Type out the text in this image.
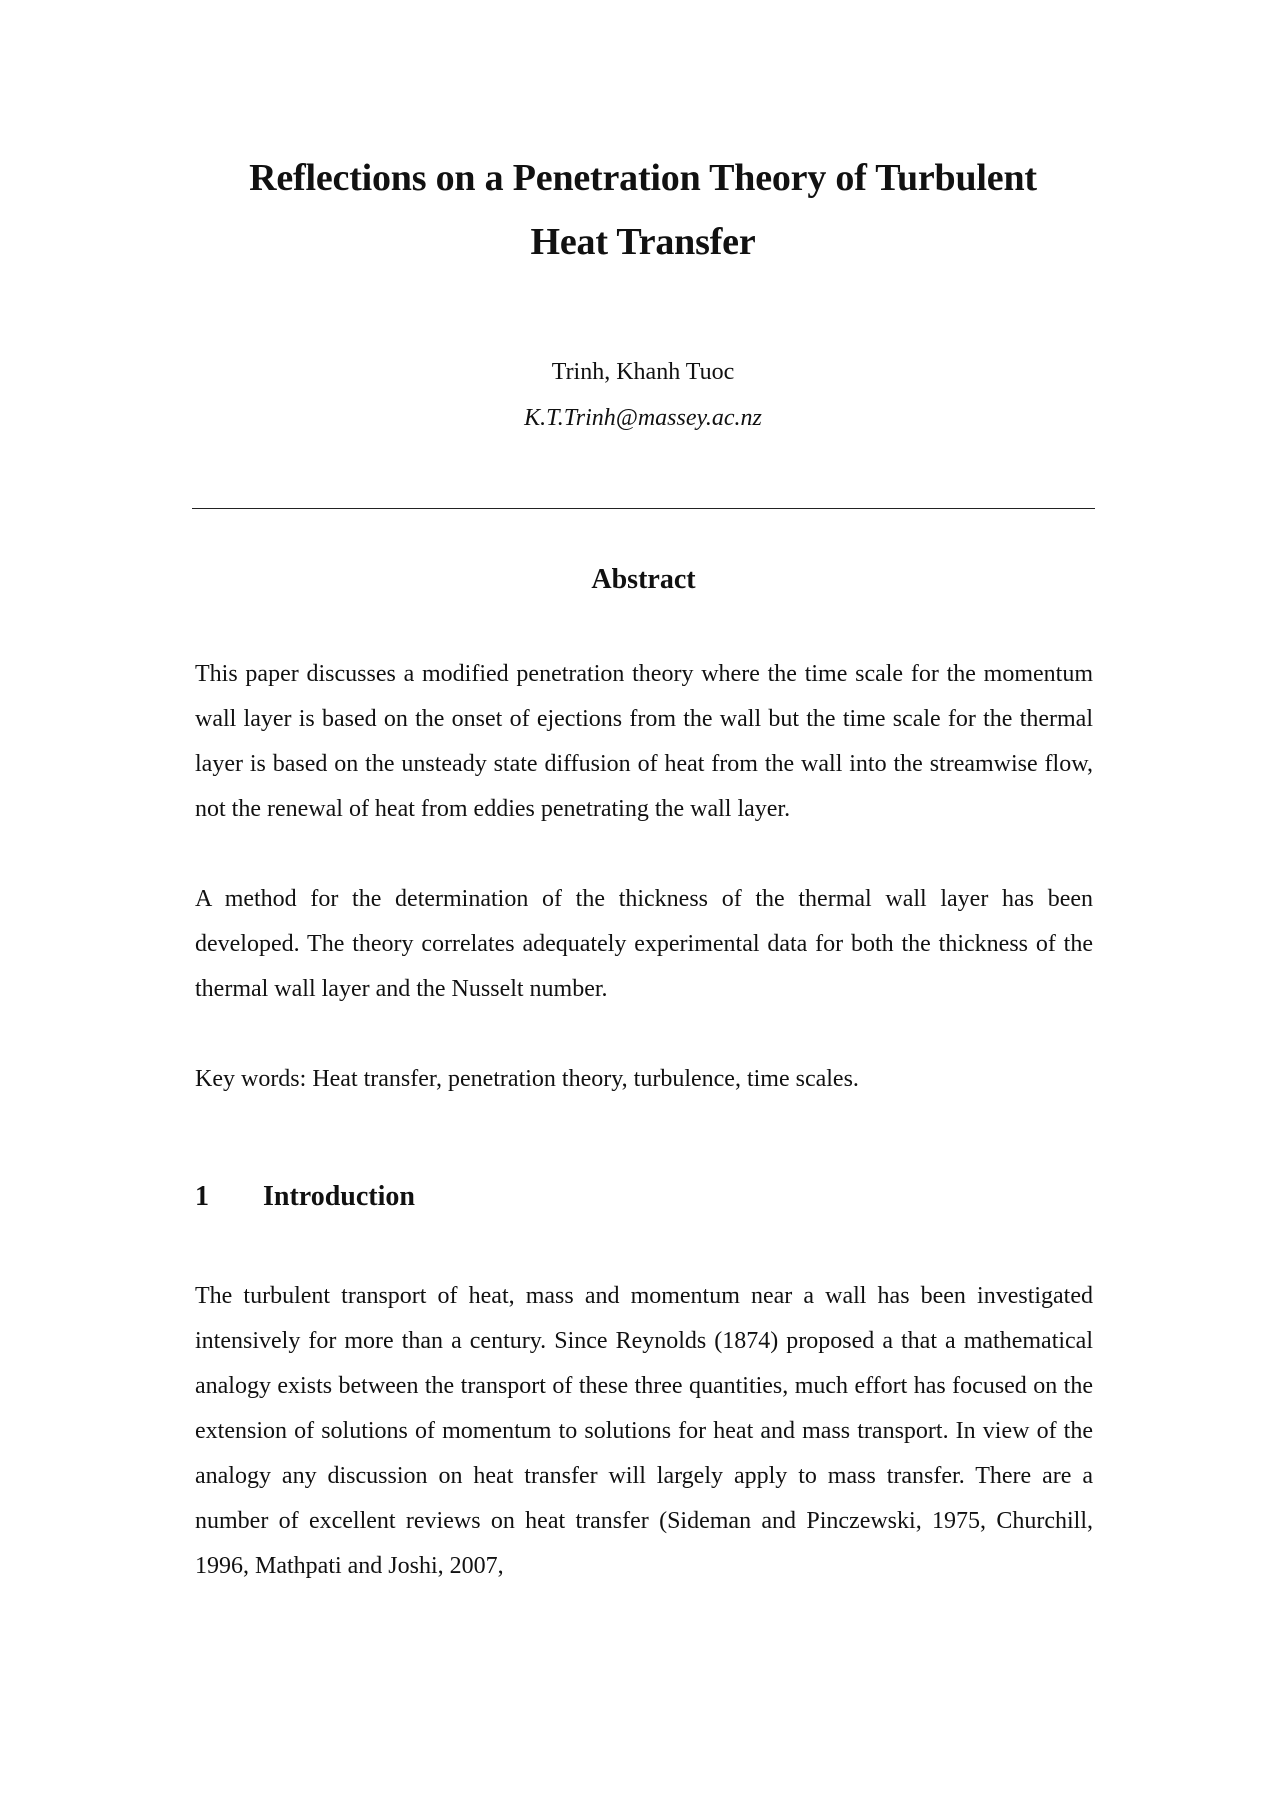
Reflections on a Penetration Theory of Turbulent
Heat Transfer
Trinh, Khanh Tuoc
K.T.Trinh@massey.ac.nz
Abstract

This paper discusses a modified penetration theory where the time scale for the momentum wall layer is based on the onset of ejections from the wall but the time scale for the thermal layer is based on the unsteady state diffusion of heat from the wall into the streamwise flow, not the renewal of heat from eddies penetrating the wall layer.

A method for the determination of the thickness of the thermal wall layer has been developed. The theory correlates adequately experimental data for both the thickness of the thermal wall layer and the Nusselt number.

Key words: Heat transfer, penetration theory, turbulence, time scales.

1 Introduction

The turbulent transport of heat, mass and momentum near a wall has been investigated intensively for more than a century. Since Reynolds (1874) proposed a that a mathematical analogy exists between the transport of these three quantities, much effort has focused on the extension of solutions of momentum to solutions for heat and mass transport. In view of the analogy any discussion on heat transfer will largely apply to mass transfer. There are a number of excellent reviews on heat transfer (Sideman and Pinczewski, 1975, Churchill, 1996, Mathpati and Joshi, 2007,
